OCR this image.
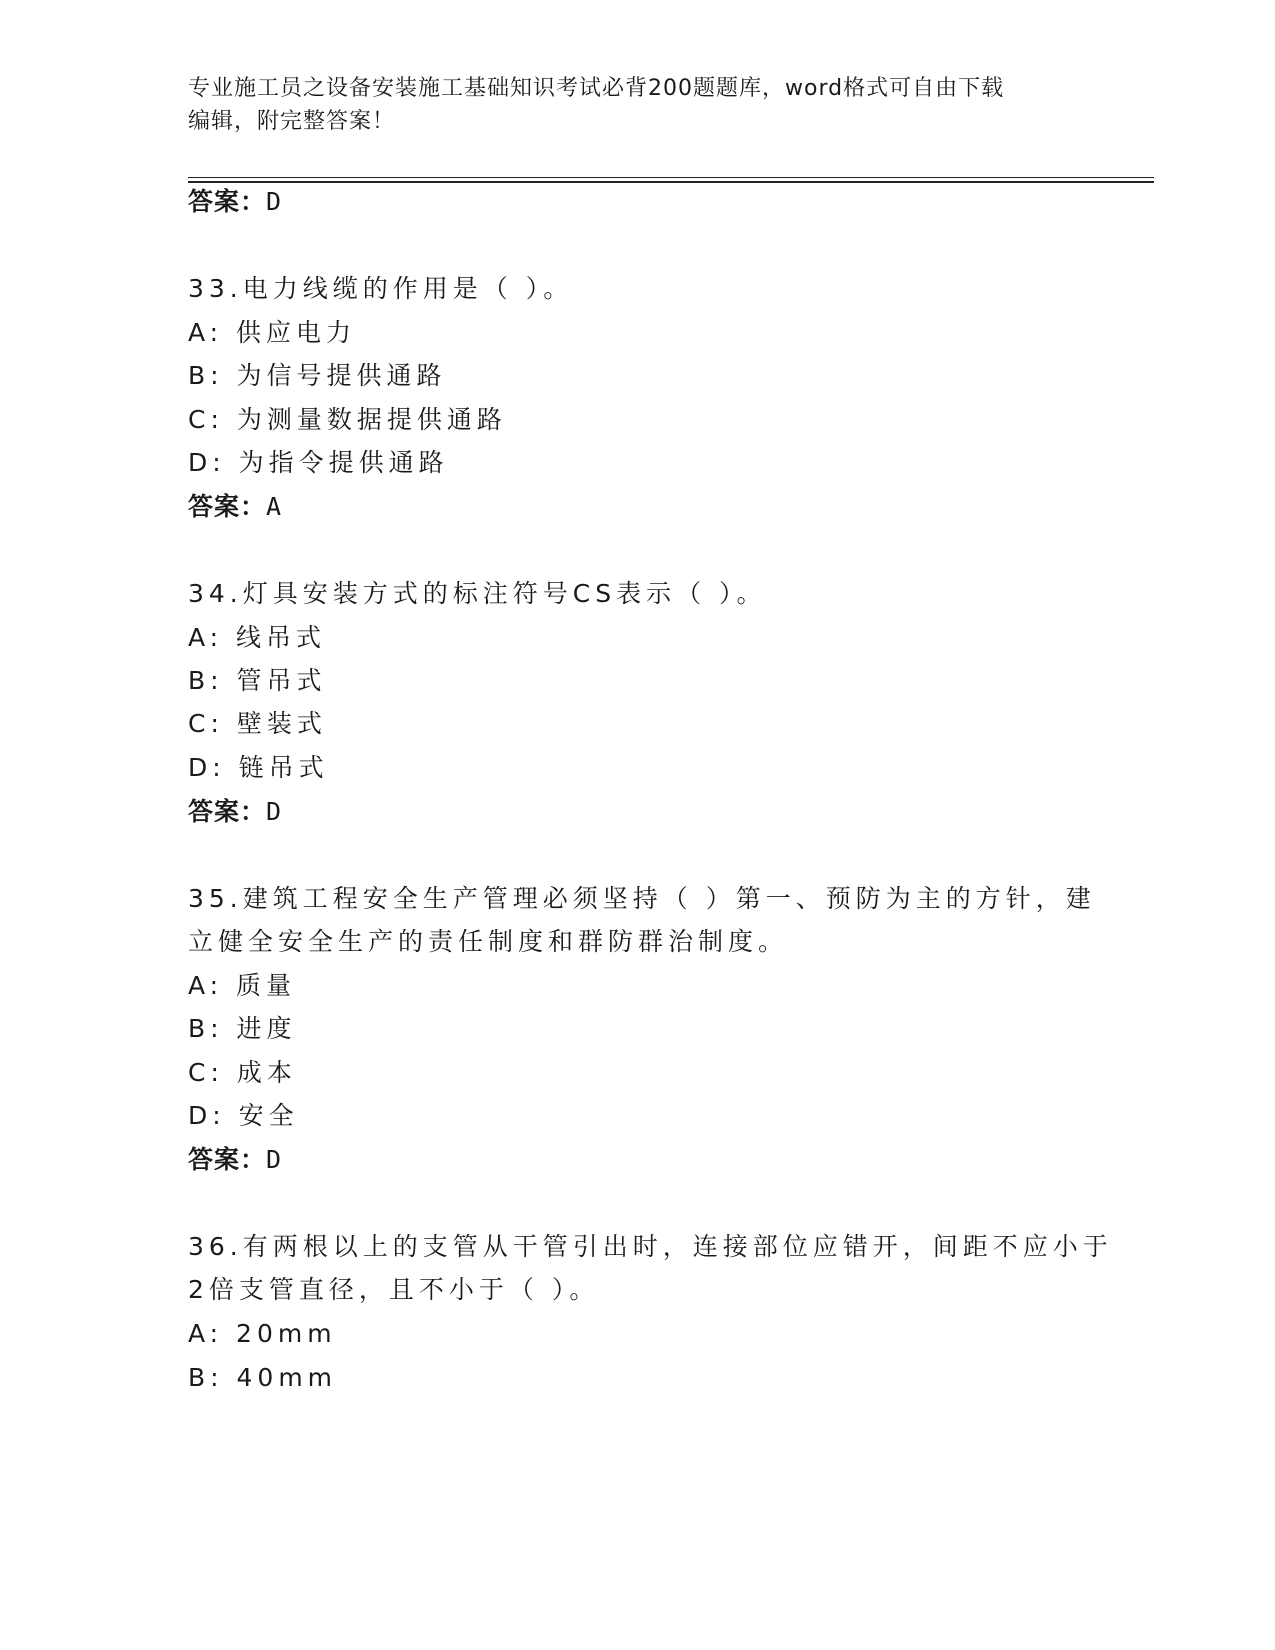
专业施工员之设备安装施工基础知识考试必背200题题库，word格式可自由下载
编辑，附完整答案！
答案：D
33.电力线缆的作用是（ ）。
A: 供应电力
B: 为信号提供通路
C: 为测量数据提供通路
D: 为指令提供通路
答案：A
34.灯具安装方式的标注符号CS表示（ ）。
A: 线吊式
B: 管吊式
C: 壁装式
D: 链吊式
答案：D
35.建筑工程安全生产管理必须坚持（ ）第一、预防为主的方针，建
立健全安全生产的责任制度和群防群治制度。
A: 质量
B: 进度
C: 成本
D: 安全
答案：D
36.有两根以上的支管从干管引出时，连接部位应错开，间距不应小于
2倍支管直径，且不小于（ ）。
A: 20mm
B: 40mm
